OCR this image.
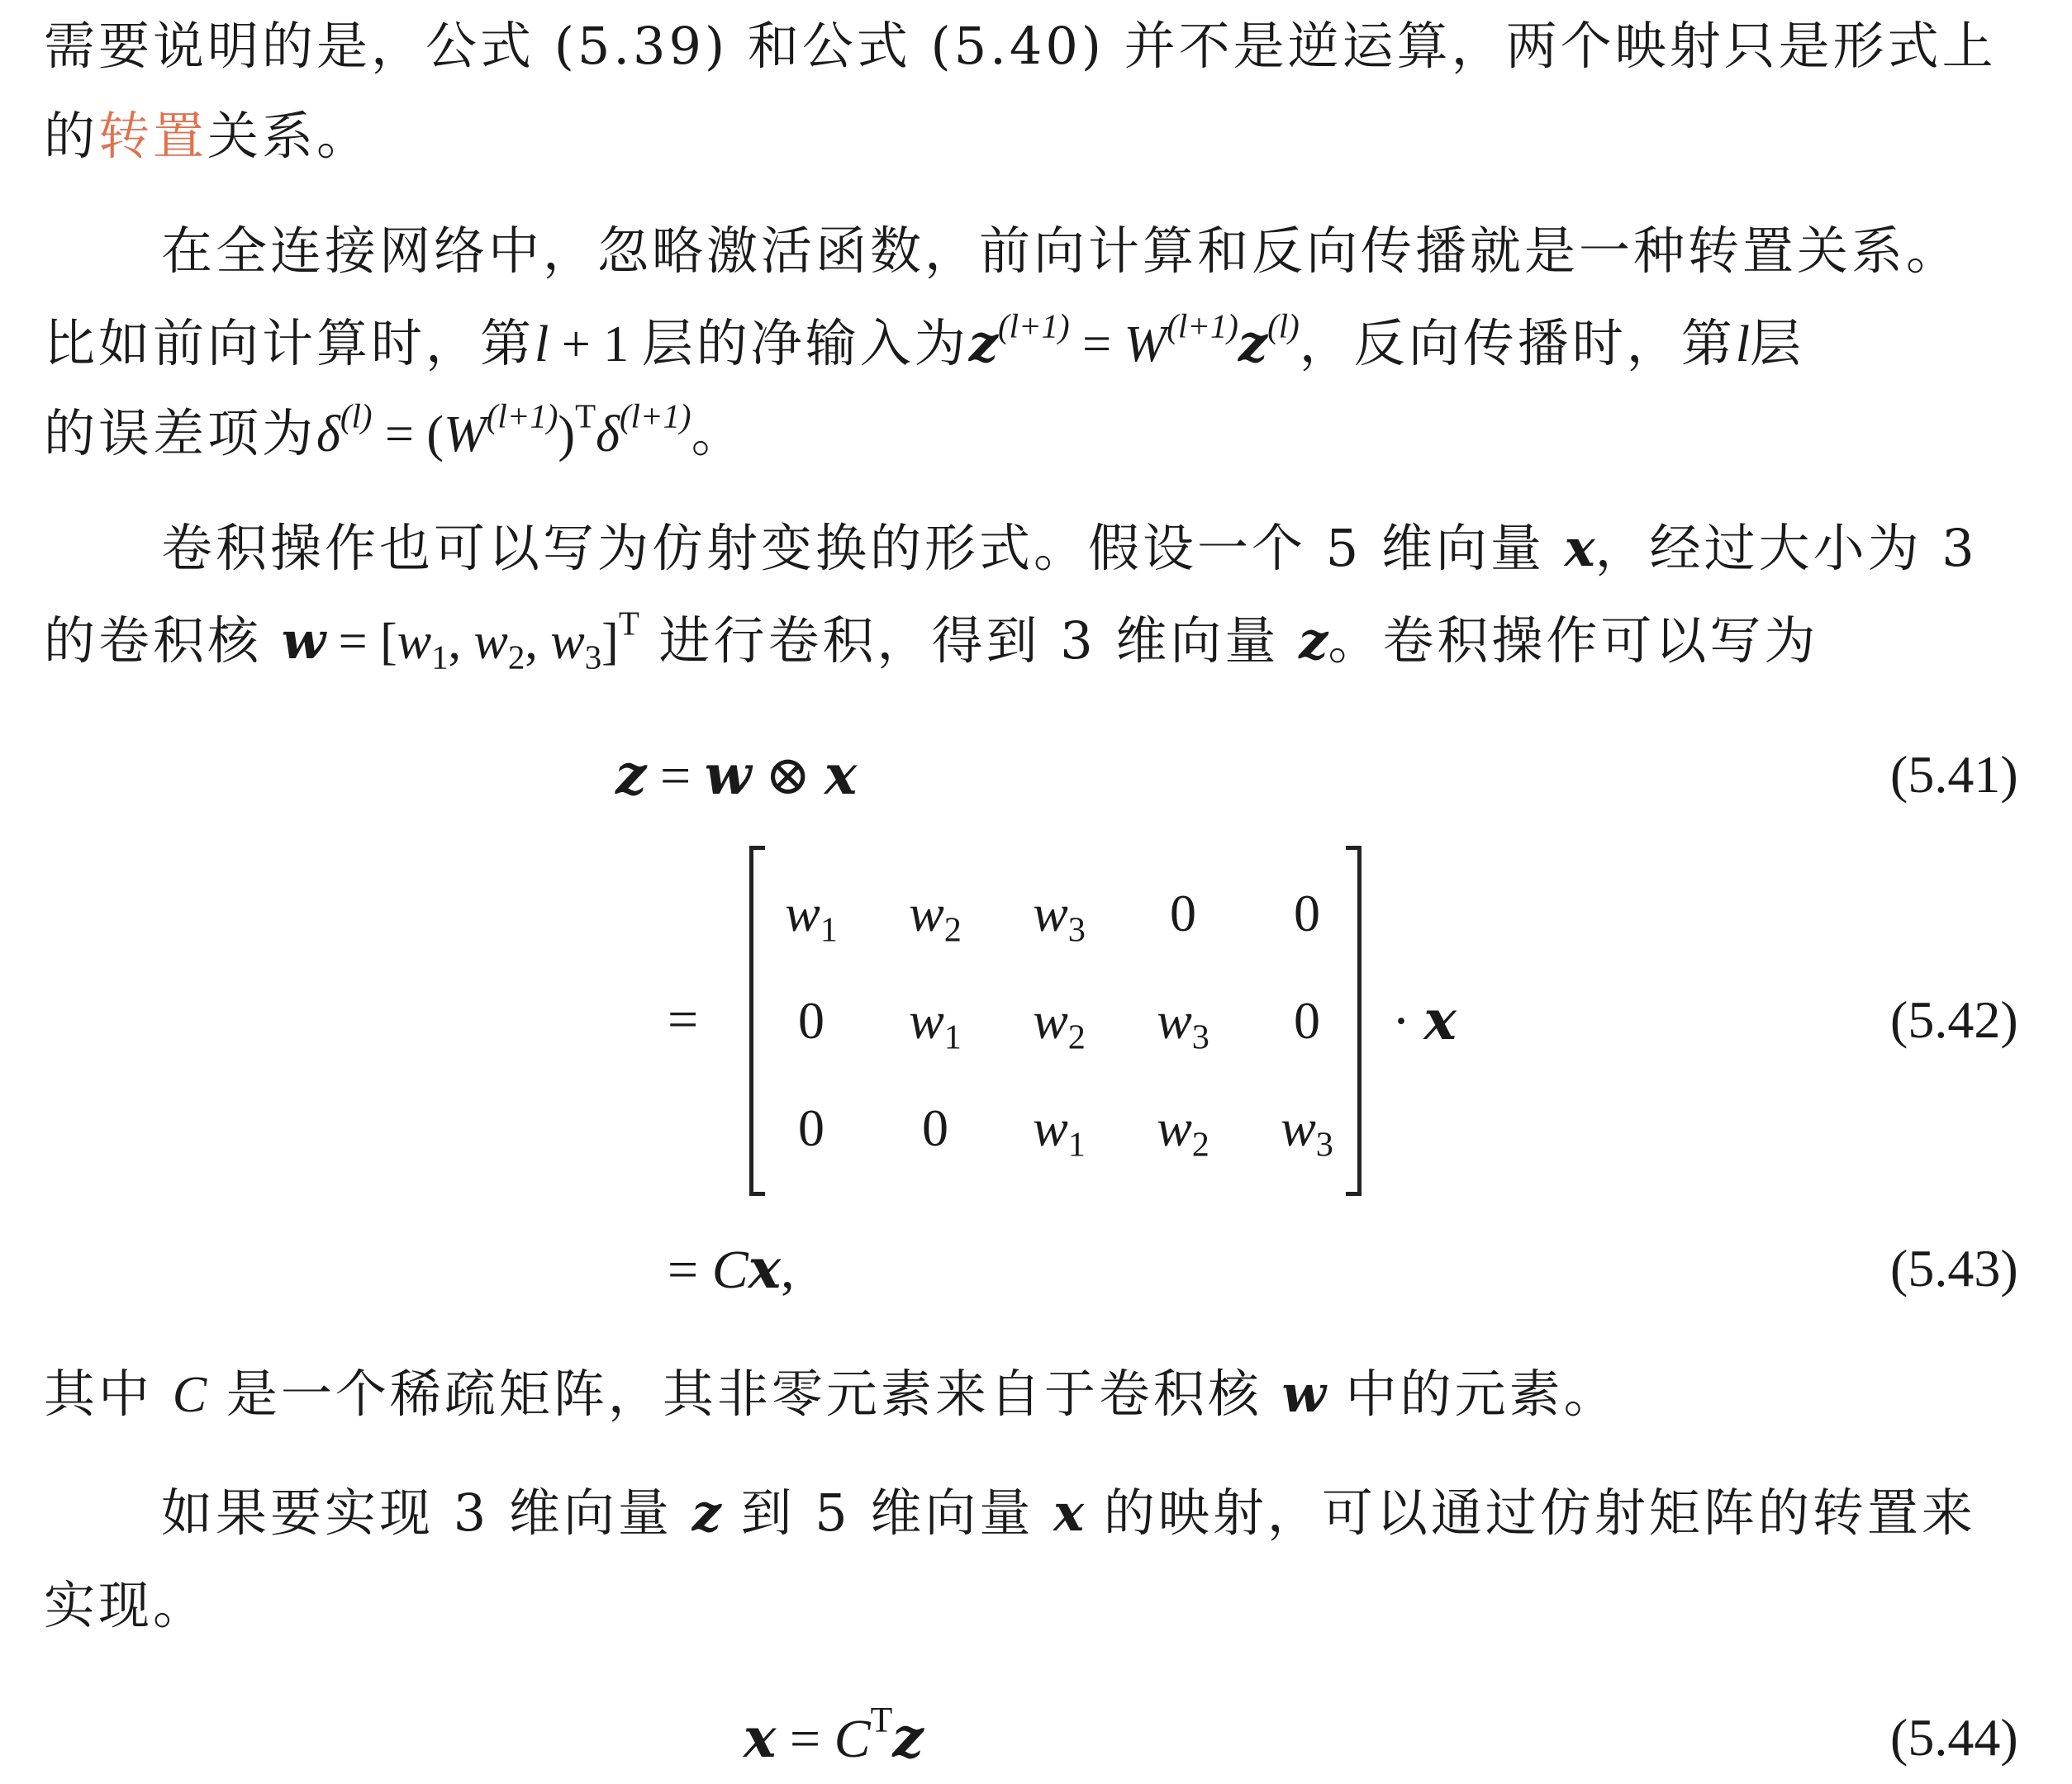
需要说明的是，公式 (5.39) 和公式 (5.40) 并不是逆运算，两个映射只是形式上
的转置关系。
在全连接网络中，忽略激活函数，前向计算和反向传播就是一种转置关系。
比如前向计算时，第l + 1 层的净输入为$z^{(l+1)} = W^{(l+1)}z^{(l)}$，反向传播时，第l层
的误差项为$\delta^{(l)} = (W^{(l+1)})^T\delta^{(l+1)}$。
卷积操作也可以写为仿射变换的形式。假设一个 5 维向量 x，经过大小为 3
的卷积核 $w = [w_1$, $w_2$, $w_3]^T$ 进行卷积，得到 3 维向量 z。卷积操作可以写为
z = w ⊗ x	(5.41)
=
$w_1$	$w_2$	$w_3$	0	0
0	$w_1$	$w_2$	$w_3$	0
0	0	$w_1$	$w_2$	$w_3$
· x	(5.42)
= Cx,	(5.43)
其中 C 是一个稀疏矩阵，其非零元素来自于卷积核 w 中的元素。
如果要实现 3 维向量 z 到 5 维向量 x 的映射，可以通过仿射矩阵的转置来
实现。
$x = C^Tz$	(5.44)
